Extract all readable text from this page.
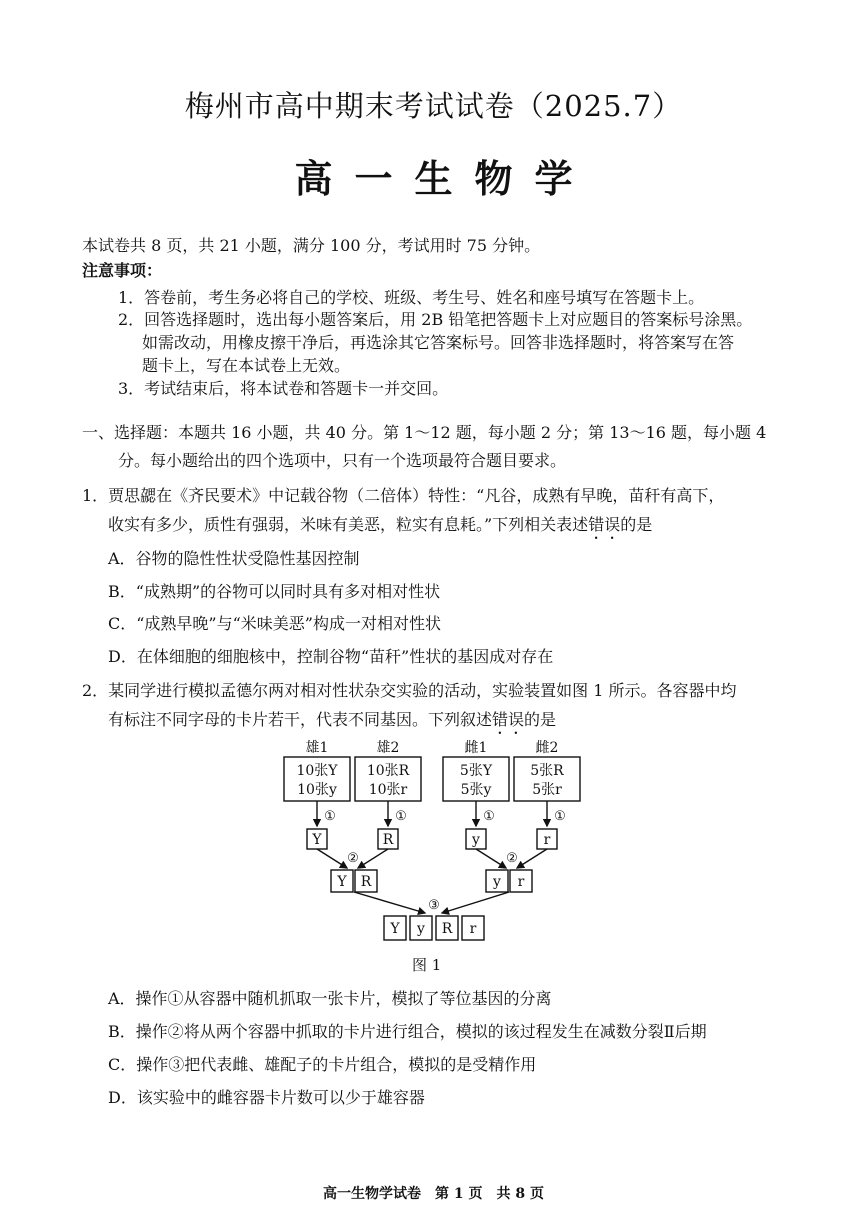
梅州市高中期末考试试卷（2025.7）
高一生物学
本试卷共 8 页，共 21 小题，满分 100 分，考试用时 75 分钟。
注意事项：
1．答卷前，考生务必将自己的学校、班级、考生号、姓名和座号填写在答题卡上。
2．回答选择题时，选出每小题答案后，用 2B 铅笔把答题卡上对应题目的答案标号涂黑。
如需改动，用橡皮擦干净后，再选涂其它答案标号。回答非选择题时，将答案写在答
题卡上，写在本试卷上无效。
3．考试结束后，将本试卷和答题卡一并交回。
一、选择题：本题共 16 小题，共 40 分。第 1～12 题，每小题 2 分；第 13～16 题，每小题 4
分。每小题给出的四个选项中，只有一个选项最符合题目要求。
1．贾思勰在《齐民要术》中记载谷物（二倍体）特性：“凡谷，成熟有早晚，苗秆有高下，
收实有多少，质性有强弱，米味有美恶，粒实有息耗。”下列相关表述错误的是
A．谷物的隐性性状受隐性基因控制
B．“成熟期”的谷物可以同时具有多对相对性状
C．“成熟早晚”与“米味美恶”构成一对相对性状
D．在体细胞的细胞核中，控制谷物“苗秆”性状的基因成对存在
2．某同学进行模拟孟德尔两对相对性状杂交实验的活动，实验装置如图 1 所示。各容器中均
有标注不同字母的卡片若干，代表不同基因。下列叙述错误的是
雄1	雄2	雌1	雌2
10张Y
10张y
10张R
10张r
5张Y
5张y
5张R
5张r
①	①	①	①
Y	R	y	r
②	②
Y R	y r
③
Y y R r
图 1
A．操作①从容器中随机抓取一张卡片，模拟了等位基因的分离
B．操作②将从两个容器中抓取的卡片进行组合，模拟的该过程发生在减数分裂Ⅱ后期
C．操作③把代表雌、雄配子的卡片组合，模拟的是受精作用
D．该实验中的雌容器卡片数可以少于雄容器
高一生物学试卷　第 1 页　共 8 页
